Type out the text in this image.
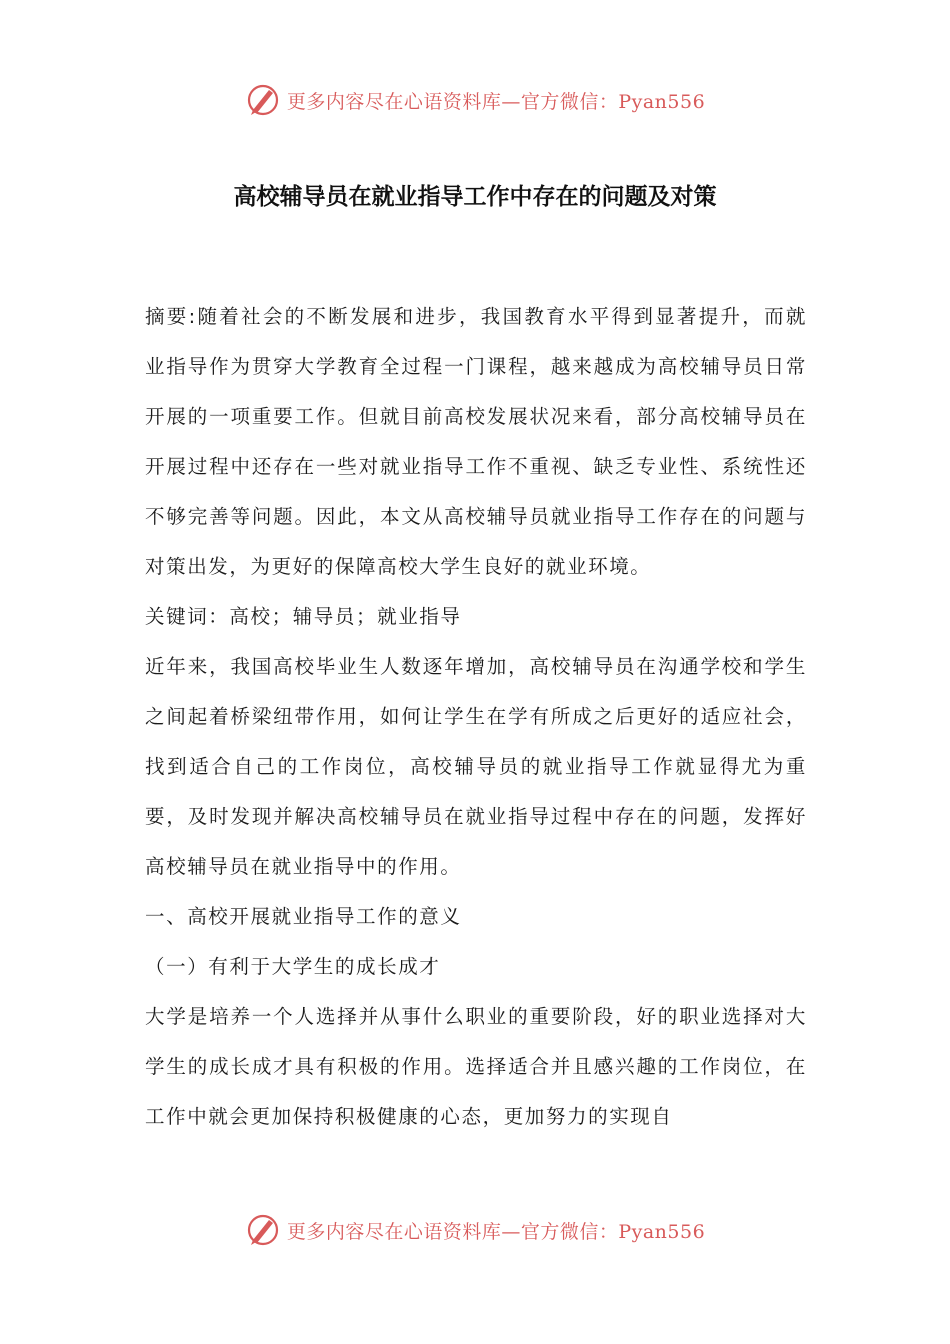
更多内容尽在心语资料库—官方微信：Pyan556
高校辅导员在就业指导工作中存在的问题及对策

摘要:随着社会的不断发展和进步，我国教育水平得到显著提升，而就业指导作为贯穿大学教育全过程一门课程，越来越成为高校辅导员日常开展的一项重要工作。但就目前高校发展状况来看，部分高校辅导员在开展过程中还存在一些对就业指导工作不重视、缺乏专业性、系统性还不够完善等问题。因此，本文从高校辅导员就业指导工作存在的问题与对策出发，为更好的保障高校大学生良好的就业环境。

关键词：高校；辅导员；就业指导

近年来，我国高校毕业生人数逐年增加，高校辅导员在沟通学校和学生之间起着桥梁纽带作用，如何让学生在学有所成之后更好的适应社会，找到适合自己的工作岗位，高校辅导员的就业指导工作就显得尤为重要，及时发现并解决高校辅导员在就业指导过程中存在的问题，发挥好高校辅导员在就业指导中的作用。

一、高校开展就业指导工作的意义

（一）有利于大学生的成长成才

大学是培养一个人选择并从事什么职业的重要阶段，好的职业选择对大学生的成长成才具有积极的作用。选择适合并且感兴趣的工作岗位，在工作中就会更加保持积极健康的心态，更加努力的实现自

更多内容尽在心语资料库—官方微信：Pyan556
